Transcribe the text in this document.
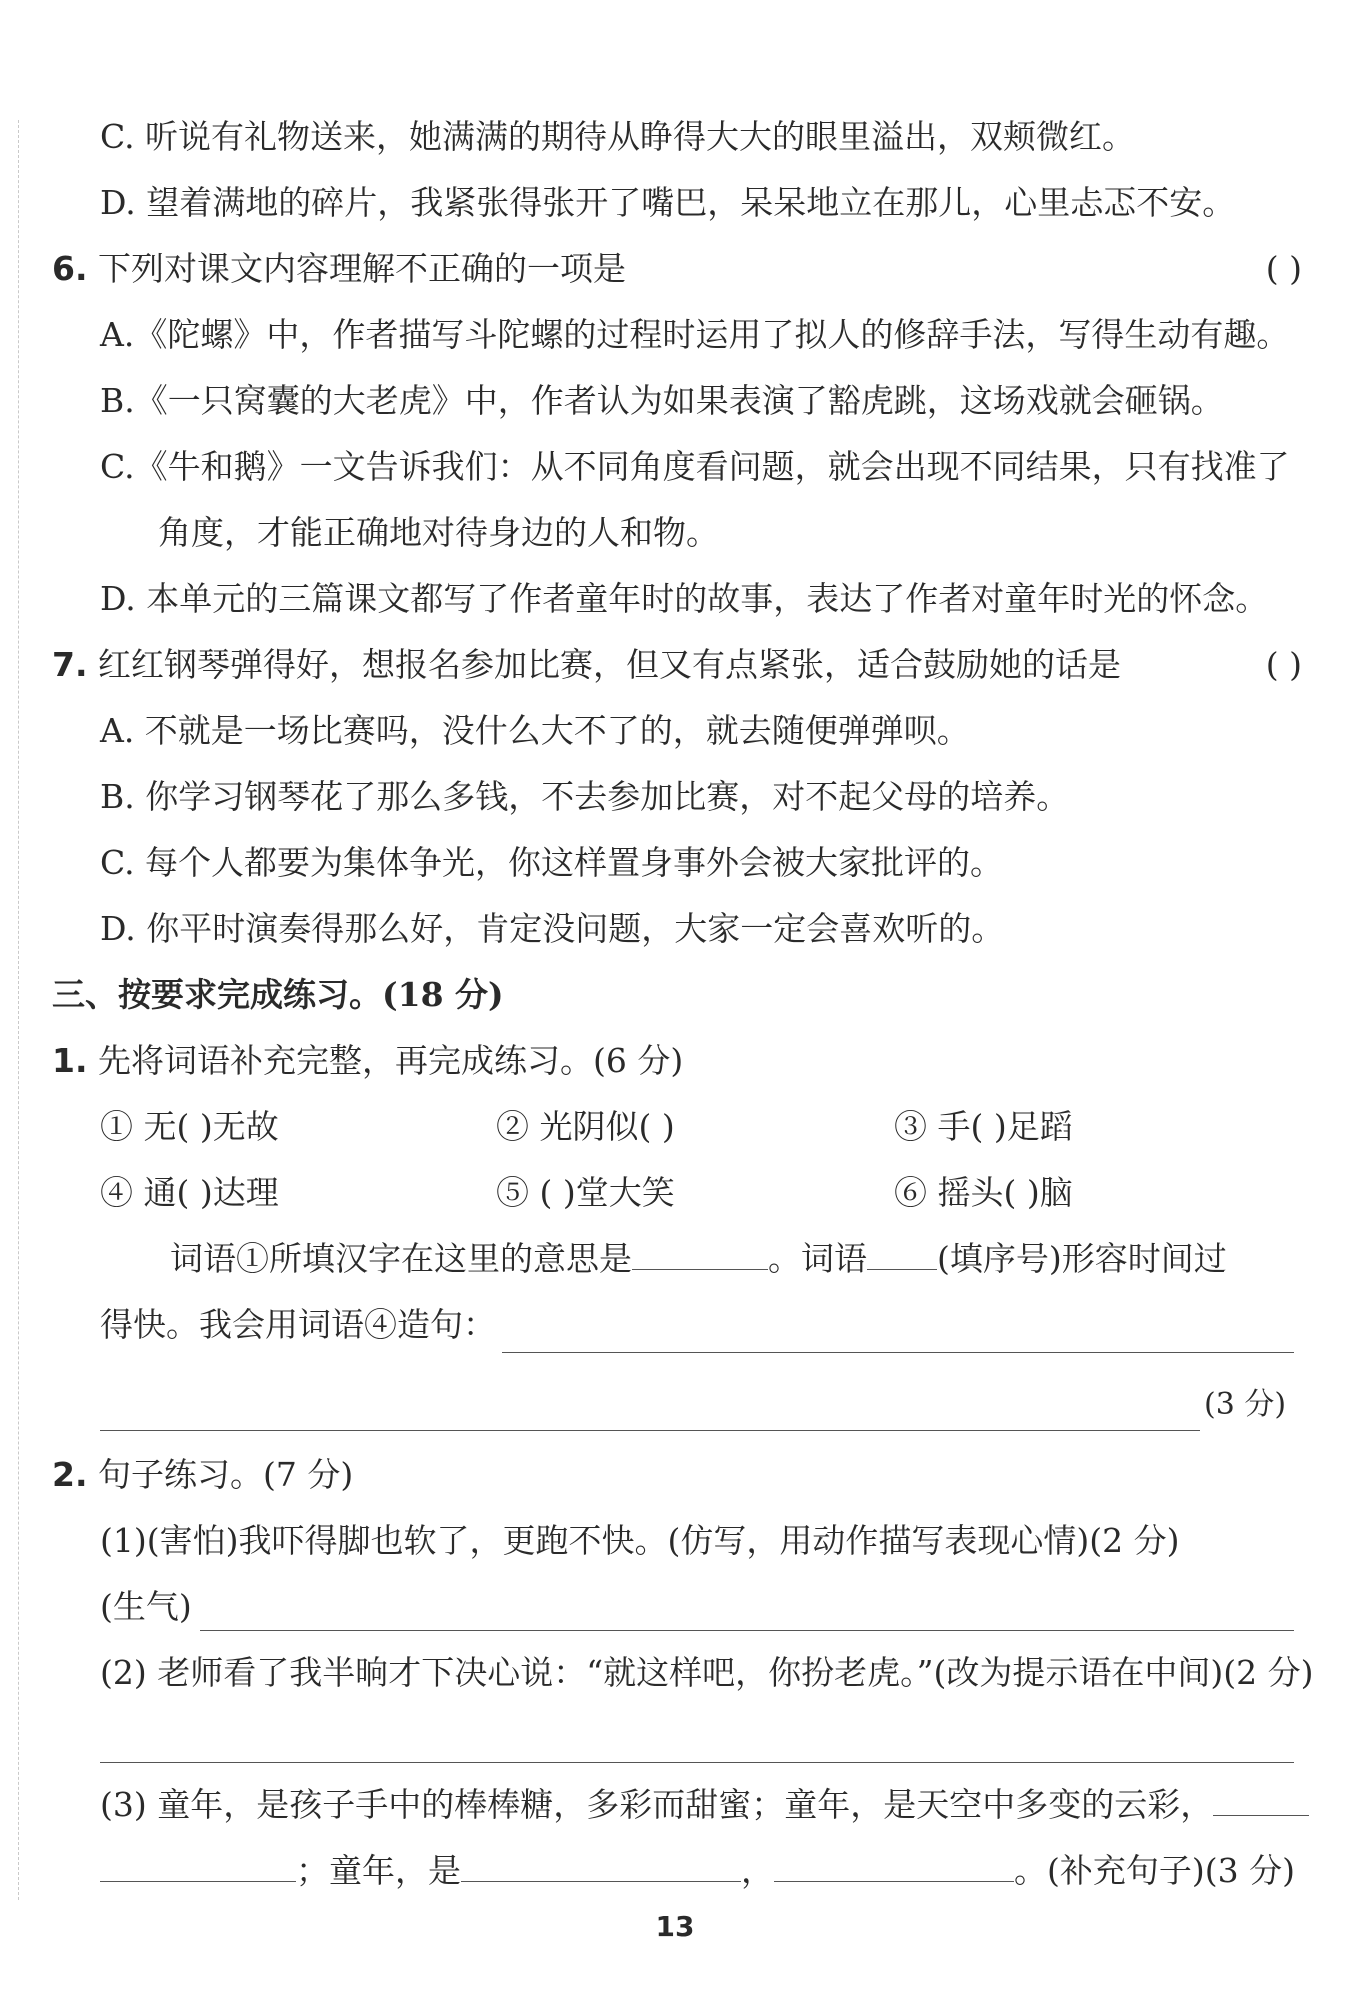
C. 听说有礼物送来，她满满的期待从睁得大大的眼里溢出，双颊微红。
D. 望着满地的碎片，我紧张得张开了嘴巴，呆呆地立在那儿，心里忐忑不安。
6. 下列对课文内容理解不正确的一项是	( )
A.《陀螺》中，作者描写斗陀螺的过程时运用了拟人的修辞手法，写得生动有趣。
B.《一只窝囊的大老虎》中，作者认为如果表演了豁虎跳，这场戏就会砸锅。
C.《牛和鹅》一文告诉我们：从不同角度看问题，就会出现不同结果，只有找准了
角度，才能正确地对待身边的人和物。
D. 本单元的三篇课文都写了作者童年时的故事，表达了作者对童年时光的怀念。
7. 红红钢琴弹得好，想报名参加比赛，但又有点紧张，适合鼓励她的话是	( )
A. 不就是一场比赛吗，没什么大不了的，就去随便弹弹呗。
B. 你学习钢琴花了那么多钱，不去参加比赛，对不起父母的培养。
C. 每个人都要为集体争光，你这样置身事外会被大家批评的。
D. 你平时演奏得那么好，肯定没问题，大家一定会喜欢听的。
三、按要求完成练习。(18 分)
1. 先将词语补充完整，再完成练习。(6 分)
① 无( )无故	② 光阴似( )	③ 手( )足蹈
④ 通( )达理	⑤ ( )堂大笑	⑥ 摇头( )脑
词语①所填汉字在这里的意思是	。词语 (填序号)形容时间过
得快。我会用词语④造句：
(3 分)
2. 句子练习。(7 分)
(1)(害怕)我吓得脚也软了，更跑不快。(仿写，用动作描写表现心情)(2 分)
(生气)
(2) 老师看了我半晌才下决心说：“就这样吧，你扮老虎。”(改为提示语在中间)(2 分)
(3) 童年，是孩子手中的棒棒糖，多彩而甜蜜；童年，是天空中多变的云彩，
；童年，是	，	。(补充句子)(3 分)
13
